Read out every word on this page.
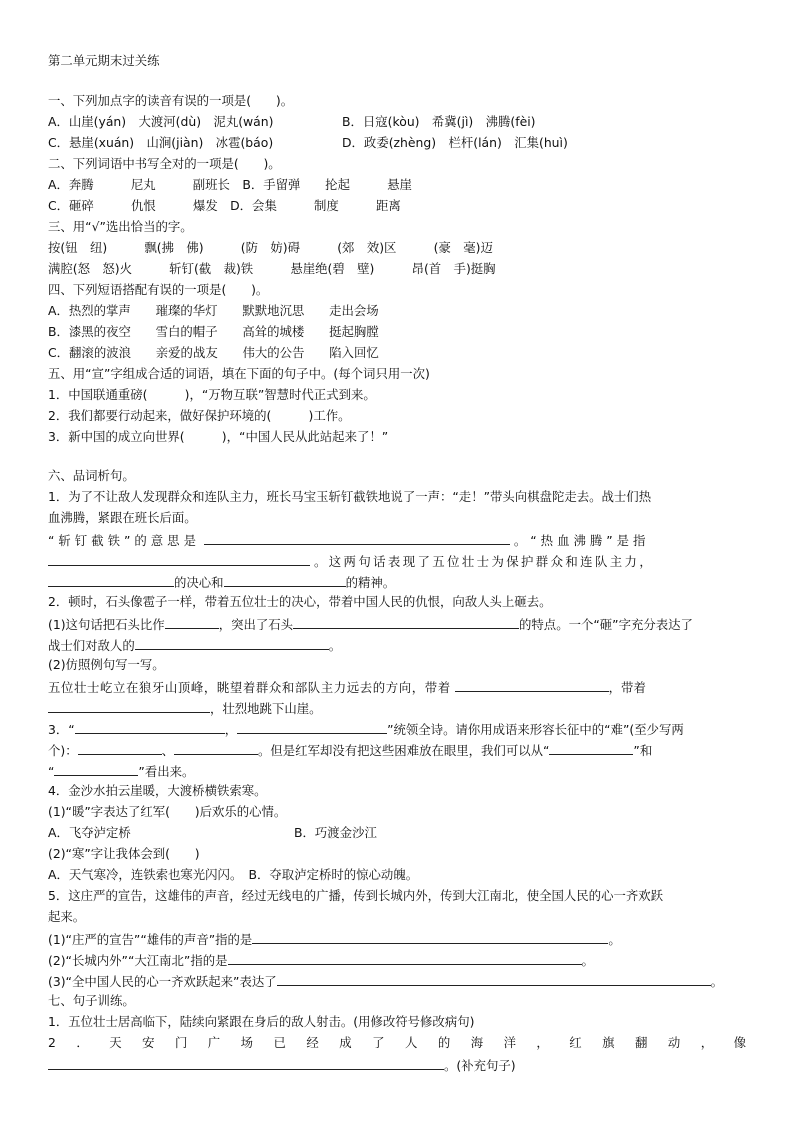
第二单元期末过关练
一、下列加点字的读音有误的一项是(　　)。
A．山崖(yán)　大渡河(dù)　泥丸(wán)	B．日寇(kòu)　希冀(jì)　沸腾(fèi)
C．悬崖(xuán)　山涧(jiàn)　冰雹(báo)	D．政委(zhèng)　栏杆(lán)　汇集(huì)
二、下列词语中书写全对的一项是(　　)。
A．奔腾　　　尼丸　　　副班长　B．手留弹　　抡起　　　悬崖
C．砸碎　　　仇恨　　　爆发　D．会集　　　制度　　　距离
三、用“√”选出恰当的字。
按(钮　纽)　　　飘(拂　佛)　　　(防　妨)碍　　　(郊　效)区　　　(豪　毫)迈
满腔(怒　怒)火　　　斩钉(截　裁)铁　　　悬崖绝(碧　壁)　　　昂(首　手)挺胸
四、下列短语搭配有误的一项是(　　)。
A．热烈的掌声　　璀璨的华灯　　默默地沉思　　走出会场
B．漆黑的夜空　　雪白的帽子　　高耸的城楼　　挺起胸膛
C．翻滚的波浪　　亲爱的战友　　伟大的公告　　陷入回忆
五、用“宣”字组成合适的词语，填在下面的句子中。(每个词只用一次)
1．中国联通重磅(　　　)，“万物互联”智慧时代正式到来。
2．我们都要行动起来，做好保护环境的(　　　)工作。
3．新中国的成立向世界(　　　)，“中国人民从此站起来了！”
六、品词析句。
1．为了不让敌人发现群众和连队主力，班长马宝玉斩钉截铁地说了一声：“走！”带头向棋盘陀走去。战士们热
血沸腾，紧跟在班长后面。
“斩钉截铁”的意思是	。“热血沸腾”是指
。这两句话表现了五位壮士为保护群众和连队主力，
的决心和	的精神。
2．顿时，石头像雹子一样，带着五位壮士的决心，带着中国人民的仇恨，向敌人头上砸去。
(1)这句话把石头比作	，突出了石头	的特点。一个“砸”字充分表达了
战士们对敌人的	。
(2)仿照例句写一写。
五位壮士屹立在狼牙山顶峰，眺望着群众和部队主力远去的方向，带着	，带着
，壮烈地跳下山崖。
3．“	，	”统领全诗。请你用成语来形容长征中的“难”(至少写两
个)：	、	。但是红军却没有把这些困难放在眼里，我们可以从“	”和
“	”看出来。
4．金沙水拍云崖暖，大渡桥横铁索寒。
(1)“暖”字表达了红军(　　)后欢乐的心情。
A．飞夺泸定桥	B．巧渡金沙江
(2)“寒”字让我体会到(　　)
A．天气寒冷，连铁索也寒光闪闪。　B．夺取泸定桥时的惊心动魄。
5．这庄严的宣告，这雄伟的声音，经过无线电的广播，传到长城内外，传到大江南北，使全国人民的心一齐欢跃
起来。
(1)“庄严的宣告”“雄伟的声音”指的是	。
(2)“长城内外”“大江南北”指的是	。
(3)“全中国人民的心一齐欢跃起来”表达了	。
七、句子训练。
1．五位壮士居高临下，陆续向紧跟在身后的敌人射击。(用修改符号修改病句)
2．天安门广场已经成了人的海洋，红旗翻动，像
。(补充句子)
